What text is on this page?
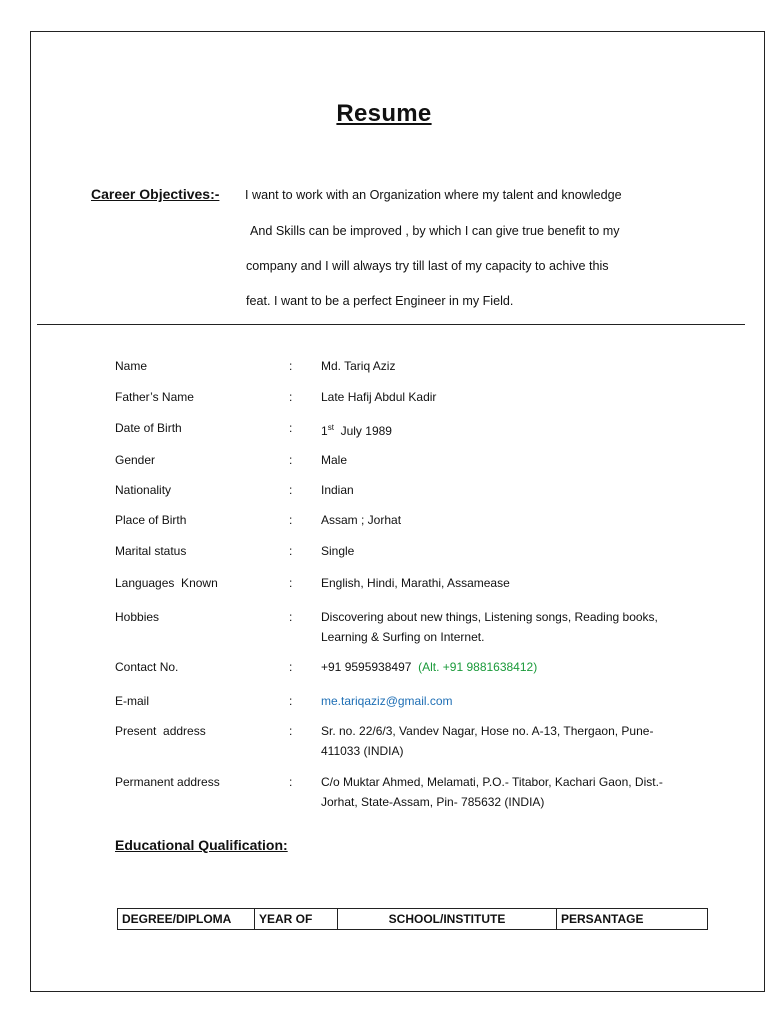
Resume
Career Objectives:- I want to work with an Organization where my talent and knowledge
And Skills can be improved , by which I can give true benefit to my
company and I will always try till last of my capacity to achive this
feat. I want to be a perfect Engineer in my Field.
Name	: Md. Tariq Aziz
Father’s Name	: Late Hafij Abdul Kadir
Date of Birth	: 1st  July 1989
Gender	: Male
Nationality	: Indian
Place of Birth	: Assam ; Jorhat
Marital status	: Single
Languages  Known	: English, Hindi, Marathi, Assamease
Hobbies	: Discovering about new things, Listening songs, Reading books, Learning & Surfing on Internet.
Contact No.	: +91 9595938497 (Alt. +91 9881638412)
E-mail	: me.tariqaziz@gmail.com
Present  address	: Sr. no. 22/6/3, Vandev Nagar, Hose no. A-13, Thergaon, Pune-411033 (INDIA)
Permanent address	: C/o Muktar Ahmed, Melamati, P.O.- Titabor, Kachari Gaon, Dist.- Jorhat, State-Assam, Pin- 785632 (INDIA)
Educational Qualification:
DEGREE/DIPLOMA	YEAR OF	SCHOOL/INSTITUTE	PERSANTAGE
